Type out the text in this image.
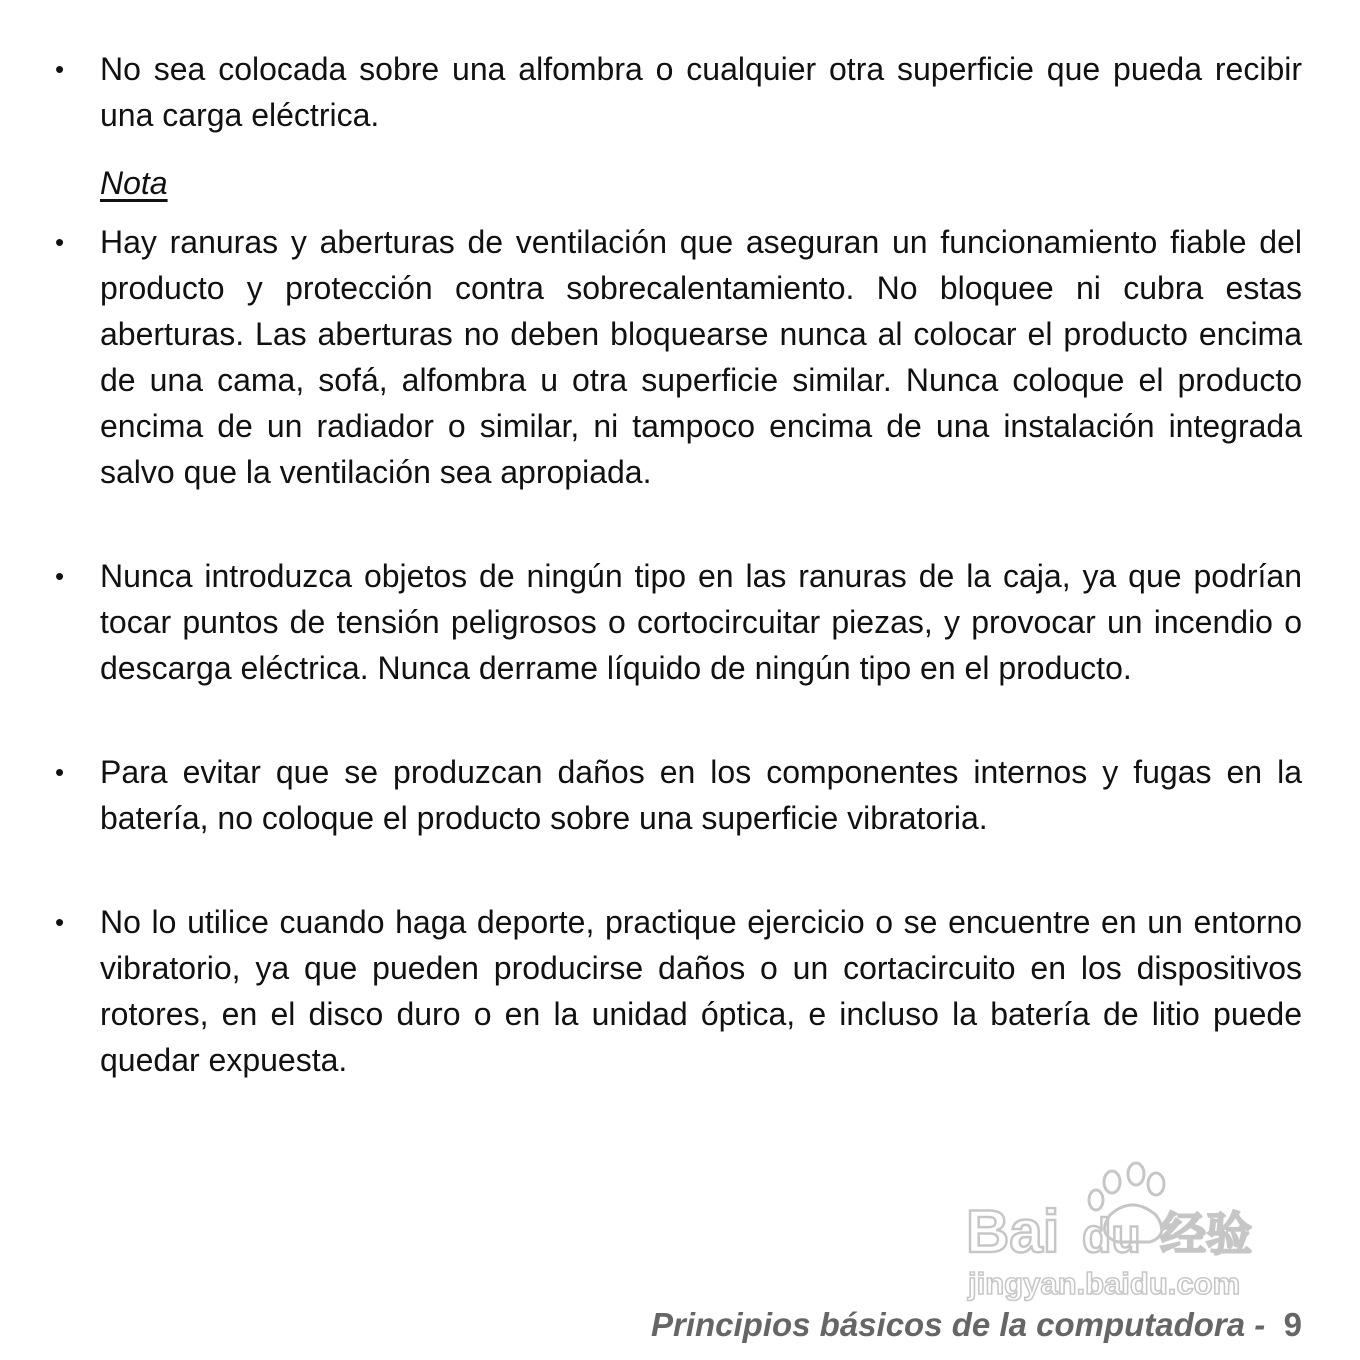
• No sea colocada sobre una alfombra o cualquier otra superficie que pueda recibir una carga eléctrica.

Nota
• Hay ranuras y aberturas de ventilación que aseguran un funcionamiento fiable del producto y protección contra sobrecalentamiento. No bloquee ni cubra estas aberturas. Las aberturas no deben bloquearse nunca al colocar el producto encima de una cama, sofá, alfombra u otra superficie similar. Nunca coloque el producto encima de un radiador o similar, ni tampoco encima de una instalación integrada salvo que la ventilación sea apropiada.

• Nunca introduzca objetos de ningún tipo en las ranuras de la caja, ya que podrían tocar puntos de tensión peligrosos o cortocircuitar piezas, y provocar un incendio o descarga eléctrica. Nunca derrame líquido de ningún tipo en el producto.

• Para evitar que se produzcan daños en los componentes internos y fugas en la batería, no coloque el producto sobre una superficie vibratoria.

• No lo utilice cuando haga deporte, practique ejercicio o se encuentre en un entorno vibratorio, ya que pueden producirse daños o un cortacircuito en los dispositivos rotores, en el disco duro o en la unidad óptica, e incluso la batería de litio puede quedar expuesta.

Bai du 经验
jingyan.baidu.com
Principios básicos de la computadora - 9
